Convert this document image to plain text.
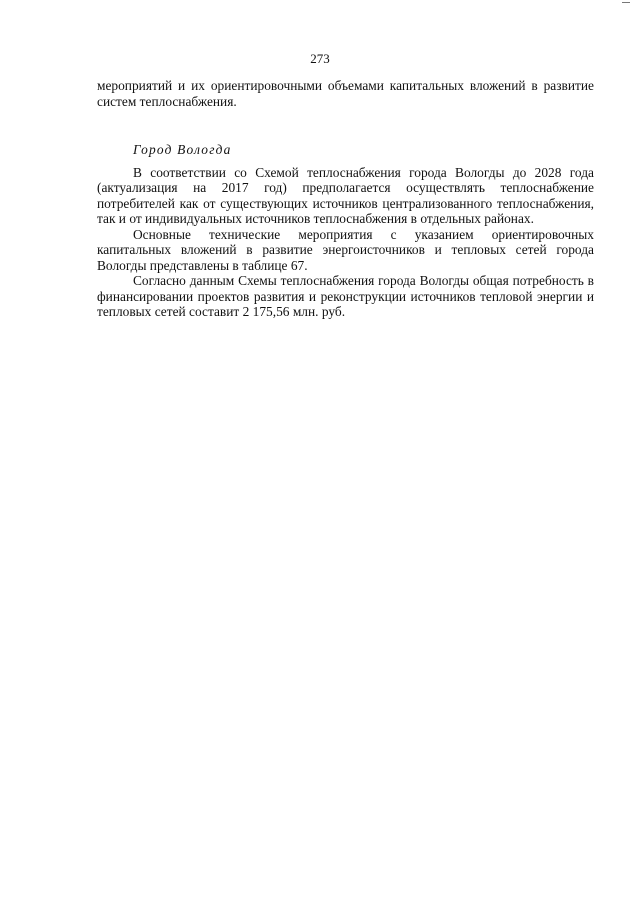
273

мероприятий и их ориентировочными объемами капитальных вложений в развитие систем теплоснабжения.

Город Вологда

В соответствии со Схемой теплоснабжения города Вологды до 2028 года (актуализация на 2017 год) предполагается осуществлять теплоснабжение потребителей как от существующих источников централизованного теплоснабжения, так и от индивидуальных источников теплоснабжения в отдельных районах.

Основные технические мероприятия с указанием ориентировочных капитальных вложений в развитие энергоисточников и тепловых сетей города Вологды представлены в таблице 67.

Согласно данным Схемы теплоснабжения города Вологды общая потребность в финансировании проектов развития и реконструкции источников тепловой энергии и тепловых сетей составит 2 175,56 млн. руб.
